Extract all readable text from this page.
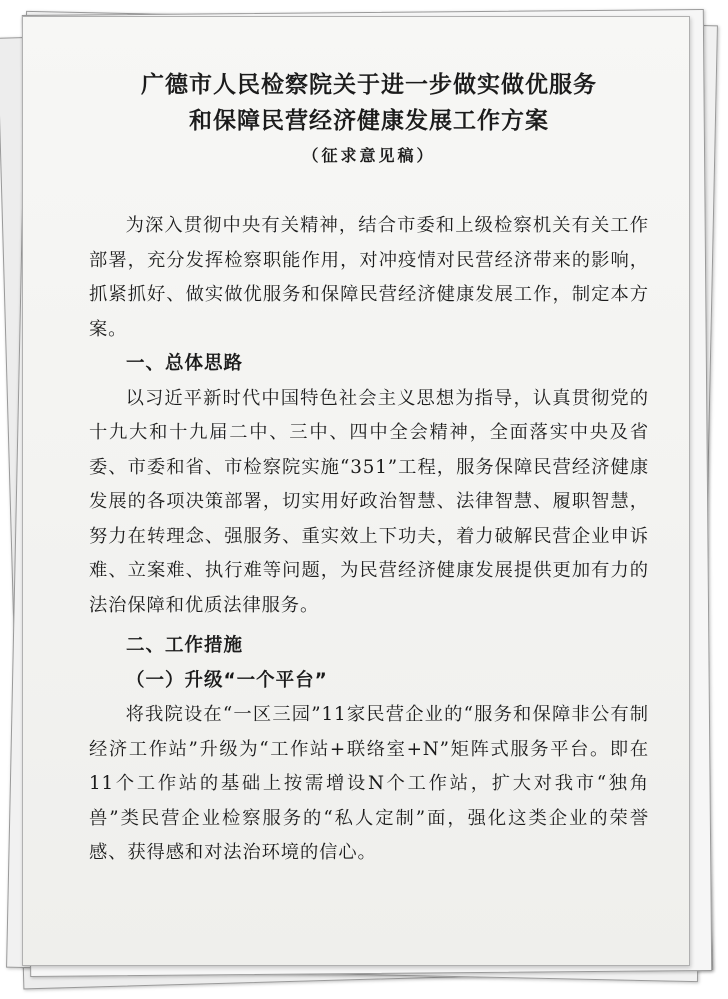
广德市人民检察院关于进一步做实做优服务
和保障民营经济健康发展工作方案

（征求意见稿）

为深入贯彻中央有关精神，结合市委和上级检察机关有关工作部署，充分发挥检察职能作用，对冲疫情对民营经济带来的影响，抓紧抓好、做实做优服务和保障民营经济健康发展工作，制定本方案。

一、总体思路

以习近平新时代中国特色社会主义思想为指导，认真贯彻党的十九大和十九届二中、三中、四中全会精神，全面落实中央及省委、市委和省、市检察院实施“351”工程，服务保障民营经济健康发展的各项决策部署，切实用好政治智慧、法律智慧、履职智慧，努力在转理念、强服务、重实效上下功夫，着力破解民营企业申诉难、立案难、执行难等问题，为民营经济健康发展提供更加有力的法治保障和优质法律服务。

二、工作措施

（一）升级“一个平台”

将我院设在“一区三园”11家民营企业的“服务和保障非公有制经济工作站”升级为“工作站+联络室+N”矩阵式服务平台。即在11个工作站的基础上按需增设N个工作站，扩大对我市“独角兽”类民营企业检察服务的“私人定制”面，强化这类企业的荣誉感、获得感和对法治环境的信心。
